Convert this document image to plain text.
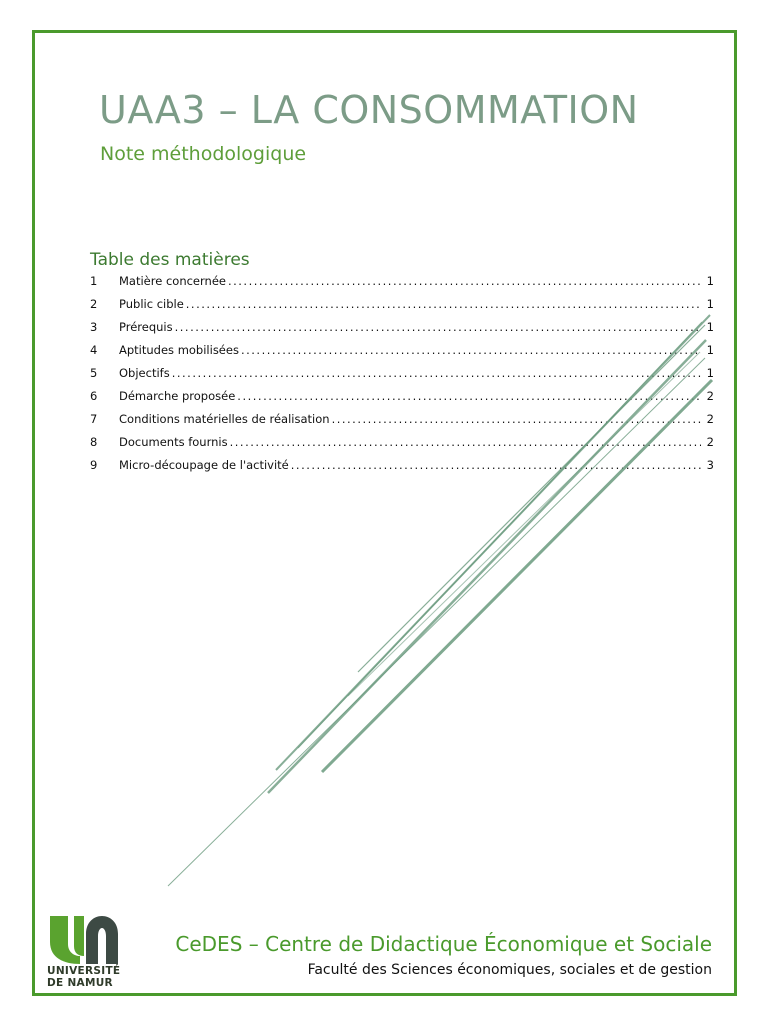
UAA3 – LA CONSOMMATION
Note méthodologique
Table des matières
1	Matière concernée .....	1
2	Public cible .....	1
3	Prérequis .....	1
4	Aptitudes mobilisées .....	1
5	Objectifs .....	1
6	Démarche proposée .....	2
7	Conditions matérielles de réalisation .....	2
8	Documents fournis .....	2
9	Micro-découpage de l'activité .....	3
UNIVERSITÉ
DE NAMUR
CeDES – Centre de Didactique Économique et Sociale
Faculté des Sciences économiques, sociales et de gestion
